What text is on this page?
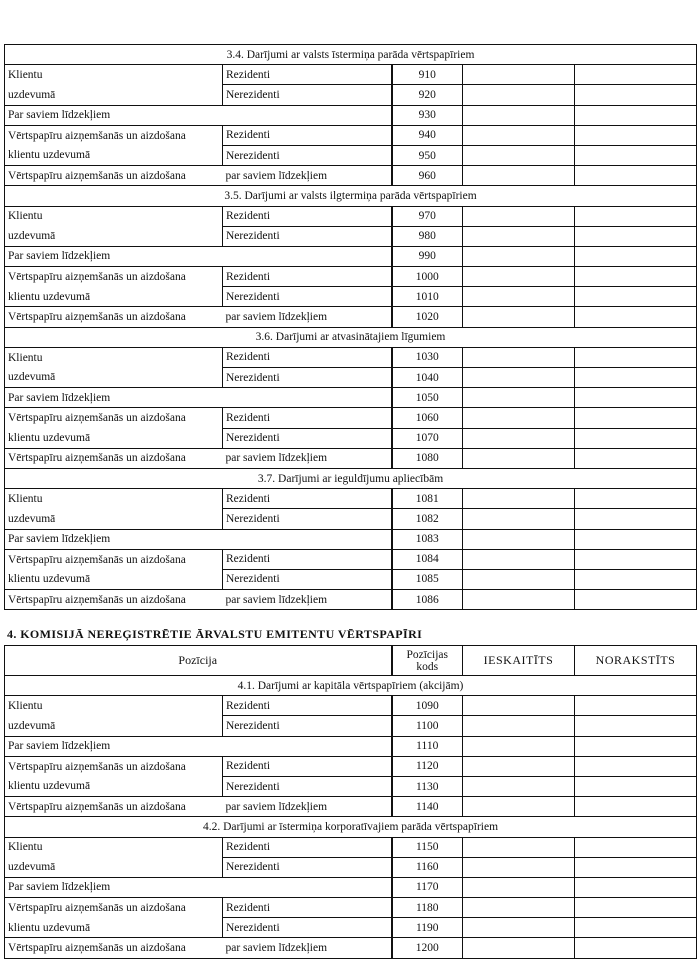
3.4. Darījumi ar valsts īstermiņa parāda vērtspapīriem				
Klientu	Rezidenti	910		
uzdevumā	Nerezidenti	920		
Par saviem līdzekļiem		930		
Vērtspapīru aizņemšanās un aizdošana	Rezidenti	940		
klientu uzdevumā	Nerezidenti	950		
Vērtspapīru aizņemšanās un aizdošana	par saviem līdzekļiem	960		
3.5. Darījumi ar valsts ilgtermiņa parāda vērtspapīriem				
Klientu	Rezidenti	970		
uzdevumā	Nerezidenti	980		
Par saviem līdzekļiem		990		
Vērtspapīru aizņemšanās un aizdošana	Rezidenti	1000		
klientu uzdevumā	Nerezidenti	1010		
Vērtspapīru aizņemšanās un aizdošana	par saviem līdzekļiem	1020		
3.6. Darījumi ar atvasinātajiem līgumiem				
Klientu	Rezidenti	1030		
uzdevumā	Nerezidenti	1040		
Par saviem līdzekļiem		1050		
Vērtspapīru aizņemšanās un aizdošana	Rezidenti	1060		
klientu uzdevumā	Nerezidenti	1070		
Vērtspapīru aizņemšanās un aizdošana	par saviem līdzekļiem	1080		
3.7. Darījumi ar ieguldījumu apliecībām				
Klientu	Rezidenti	1081		
uzdevumā	Nerezidenti	1082		
Par saviem līdzekļiem		1083		
Vērtspapīru aizņemšanās un aizdošana	Rezidenti	1084		
klientu uzdevumā	Nerezidenti	1085		
Vērtspapīru aizņemšanās un aizdošana	par saviem līdzekļiem	1086		
4. KOMISIJĀ NEREĢISTRĒTIE ĀRVALSTU EMITENTU VĒRTSPAPĪRI
Pozīcija		Pozīcijas kods	IESKAITĪTS	NORAKSTĪTS
4.1. Darījumi ar kapitāla vērtspapīriem (akcijām)				
Klientu	Rezidenti	1090		
uzdevumā	Nerezidenti	1100		
Par saviem līdzekļiem		1110		
Vērtspapīru aizņemšanās un aizdošana	Rezidenti	1120		
klientu uzdevumā	Nerezidenti	1130		
Vērtspapīru aizņemšanās un aizdošana	par saviem līdzekļiem	1140		
4.2. Darījumi ar īstermiņa korporatīvajiem parāda vērtspapīriem				
Klientu	Rezidenti	1150		
uzdevumā	Nerezidenti	1160		
Par saviem līdzekļiem		1170		
Vērtspapīru aizņemšanās un aizdošana	Rezidenti	1180		
klientu uzdevumā	Nerezidenti	1190		
Vērtspapīru aizņemšanās un aizdošana	par saviem līdzekļiem	1200		
